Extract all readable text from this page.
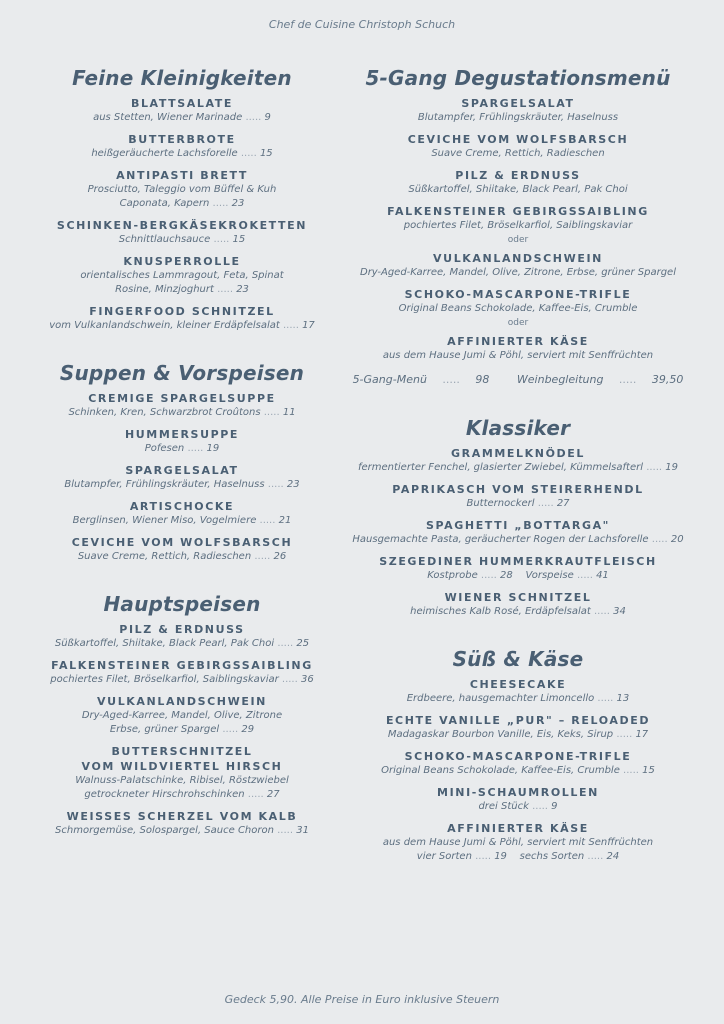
Chef de Cuisine Christoph Schuch
Feine Kleinigkeiten
BLATTSALATE
aus Stetten, Wiener Marinade ..... 9
BUTTERBROTE
heißgeräucherte Lachsforelle ..... 15
ANTIPASTI BRETT
Prosciutto, Taleggio vom Büffel & Kuh
Caponata, Kapern ..... 23
SCHINKEN-BERGKÄSEKROKETTEN
Schnittlauchsauce ..... 15
KNUSPERROLLE
orientalisches Lammragout, Feta, Spinat
Rosine, Minzjoghurt ..... 23
FINGERFOOD SCHNITZEL
vom Vulkanlandschwein, kleiner Erdäpfelsalat ..... 17
Suppen & Vorspeisen
CREMIGE SPARGELSUPPE
Schinken, Kren, Schwarzbrot Croûtons ..... 11
HUMMERSUPPE
Pofesen ..... 19
SPARGELSALAT
Blutampfer, Frühlingskräuter, Haselnuss ..... 23
ARTISCHOCKE
Berglinsen, Wiener Miso, Vogelmiere ..... 21
CEVICHE VOM WOLFSBARSCH
Suave Creme, Rettich, Radieschen ..... 26
Hauptspeisen
PILZ & ERDNUSS
Süßkartoffel, Shiitake, Black Pearl, Pak Choi ..... 25
FALKENSTEINER GEBIRGSSAIBLING
pochiertes Filet, Bröselkarfiol, Saiblingskaviar ..... 36
VULKANLANDSCHWEIN
Dry-Aged-Karree, Mandel, Olive, Zitrone
Erbse, grüner Spargel ..... 29
BUTTERSCHNITZEL
VOM WILDVIERTEL HIRSCH
Walnuss-Palatschinke, Ribisel, Röstzwiebel
getrockneter Hirschrohschinken ..... 27
WEISSES SCHERZEL VOM KALB
Schmorgemüse, Solospargel, Sauce Choron ..... 31
5-Gang Degustationsmenü
SPARGELSALAT
Blutampfer, Frühlingskräuter, Haselnuss
CEVICHE VOM WOLFSBARSCH
Suave Creme, Rettich, Radieschen
PILZ & ERDNUSS
Süßkartoffel, Shiitake, Black Pearl, Pak Choi
FALKENSTEINER GEBIRGSSAIBLING
pochiertes Filet, Bröselkarfiol, Saiblingskaviar
oder
VULKANLANDSCHWEIN
Dry-Aged-Karree, Mandel, Olive, Zitrone, Erbse, grüner Spargel
SCHOKO-MASCARPONE-TRIFLE
Original Beans Schokolade, Kaffee-Eis, Crumble
oder
AFFINIERTER KÄSE
aus dem Hause Jumi & Pöhl, serviert mit Senffrüchten
5-Gang-Menü ..... 98	Weinbegleitung ..... 39,50
Klassiker
GRAMMELKNÖDEL
fermentierter Fenchel, glasierter Zwiebel, Kümmelsafterl ..... 19
PAPRIKASCH VOM STEIRERHENDL
Butternockerl ..... 27
SPAGHETTI „BOTTARGA"
Hausgemachte Pasta, geräucherter Rogen der Lachsforelle ..... 20
SZEGEDINER HUMMERKRAUTFLEISCH
Kostprobe ..... 28 Vorspeise ..... 41
WIENER SCHNITZEL
heimisches Kalb Rosé, Erdäpfelsalat ..... 34
Süß & Käse
CHEESECAKE
Erdbeere, hausgemachter Limoncello ..... 13
ECHTE VANILLE „PUR" – RELOADED
Madagaskar Bourbon Vanille, Eis, Keks, Sirup ..... 17
SCHOKO-MASCARPONE-TRIFLE
Original Beans Schokolade, Kaffee-Eis, Crumble ..... 15
MINI-SCHAUMROLLEN
drei Stück ..... 9
AFFINIERTER KÄSE
aus dem Hause Jumi & Pöhl, serviert mit Senffrüchten
vier Sorten ..... 19 sechs Sorten ..... 24
Gedeck 5,90. Alle Preise in Euro inklusive Steuern
